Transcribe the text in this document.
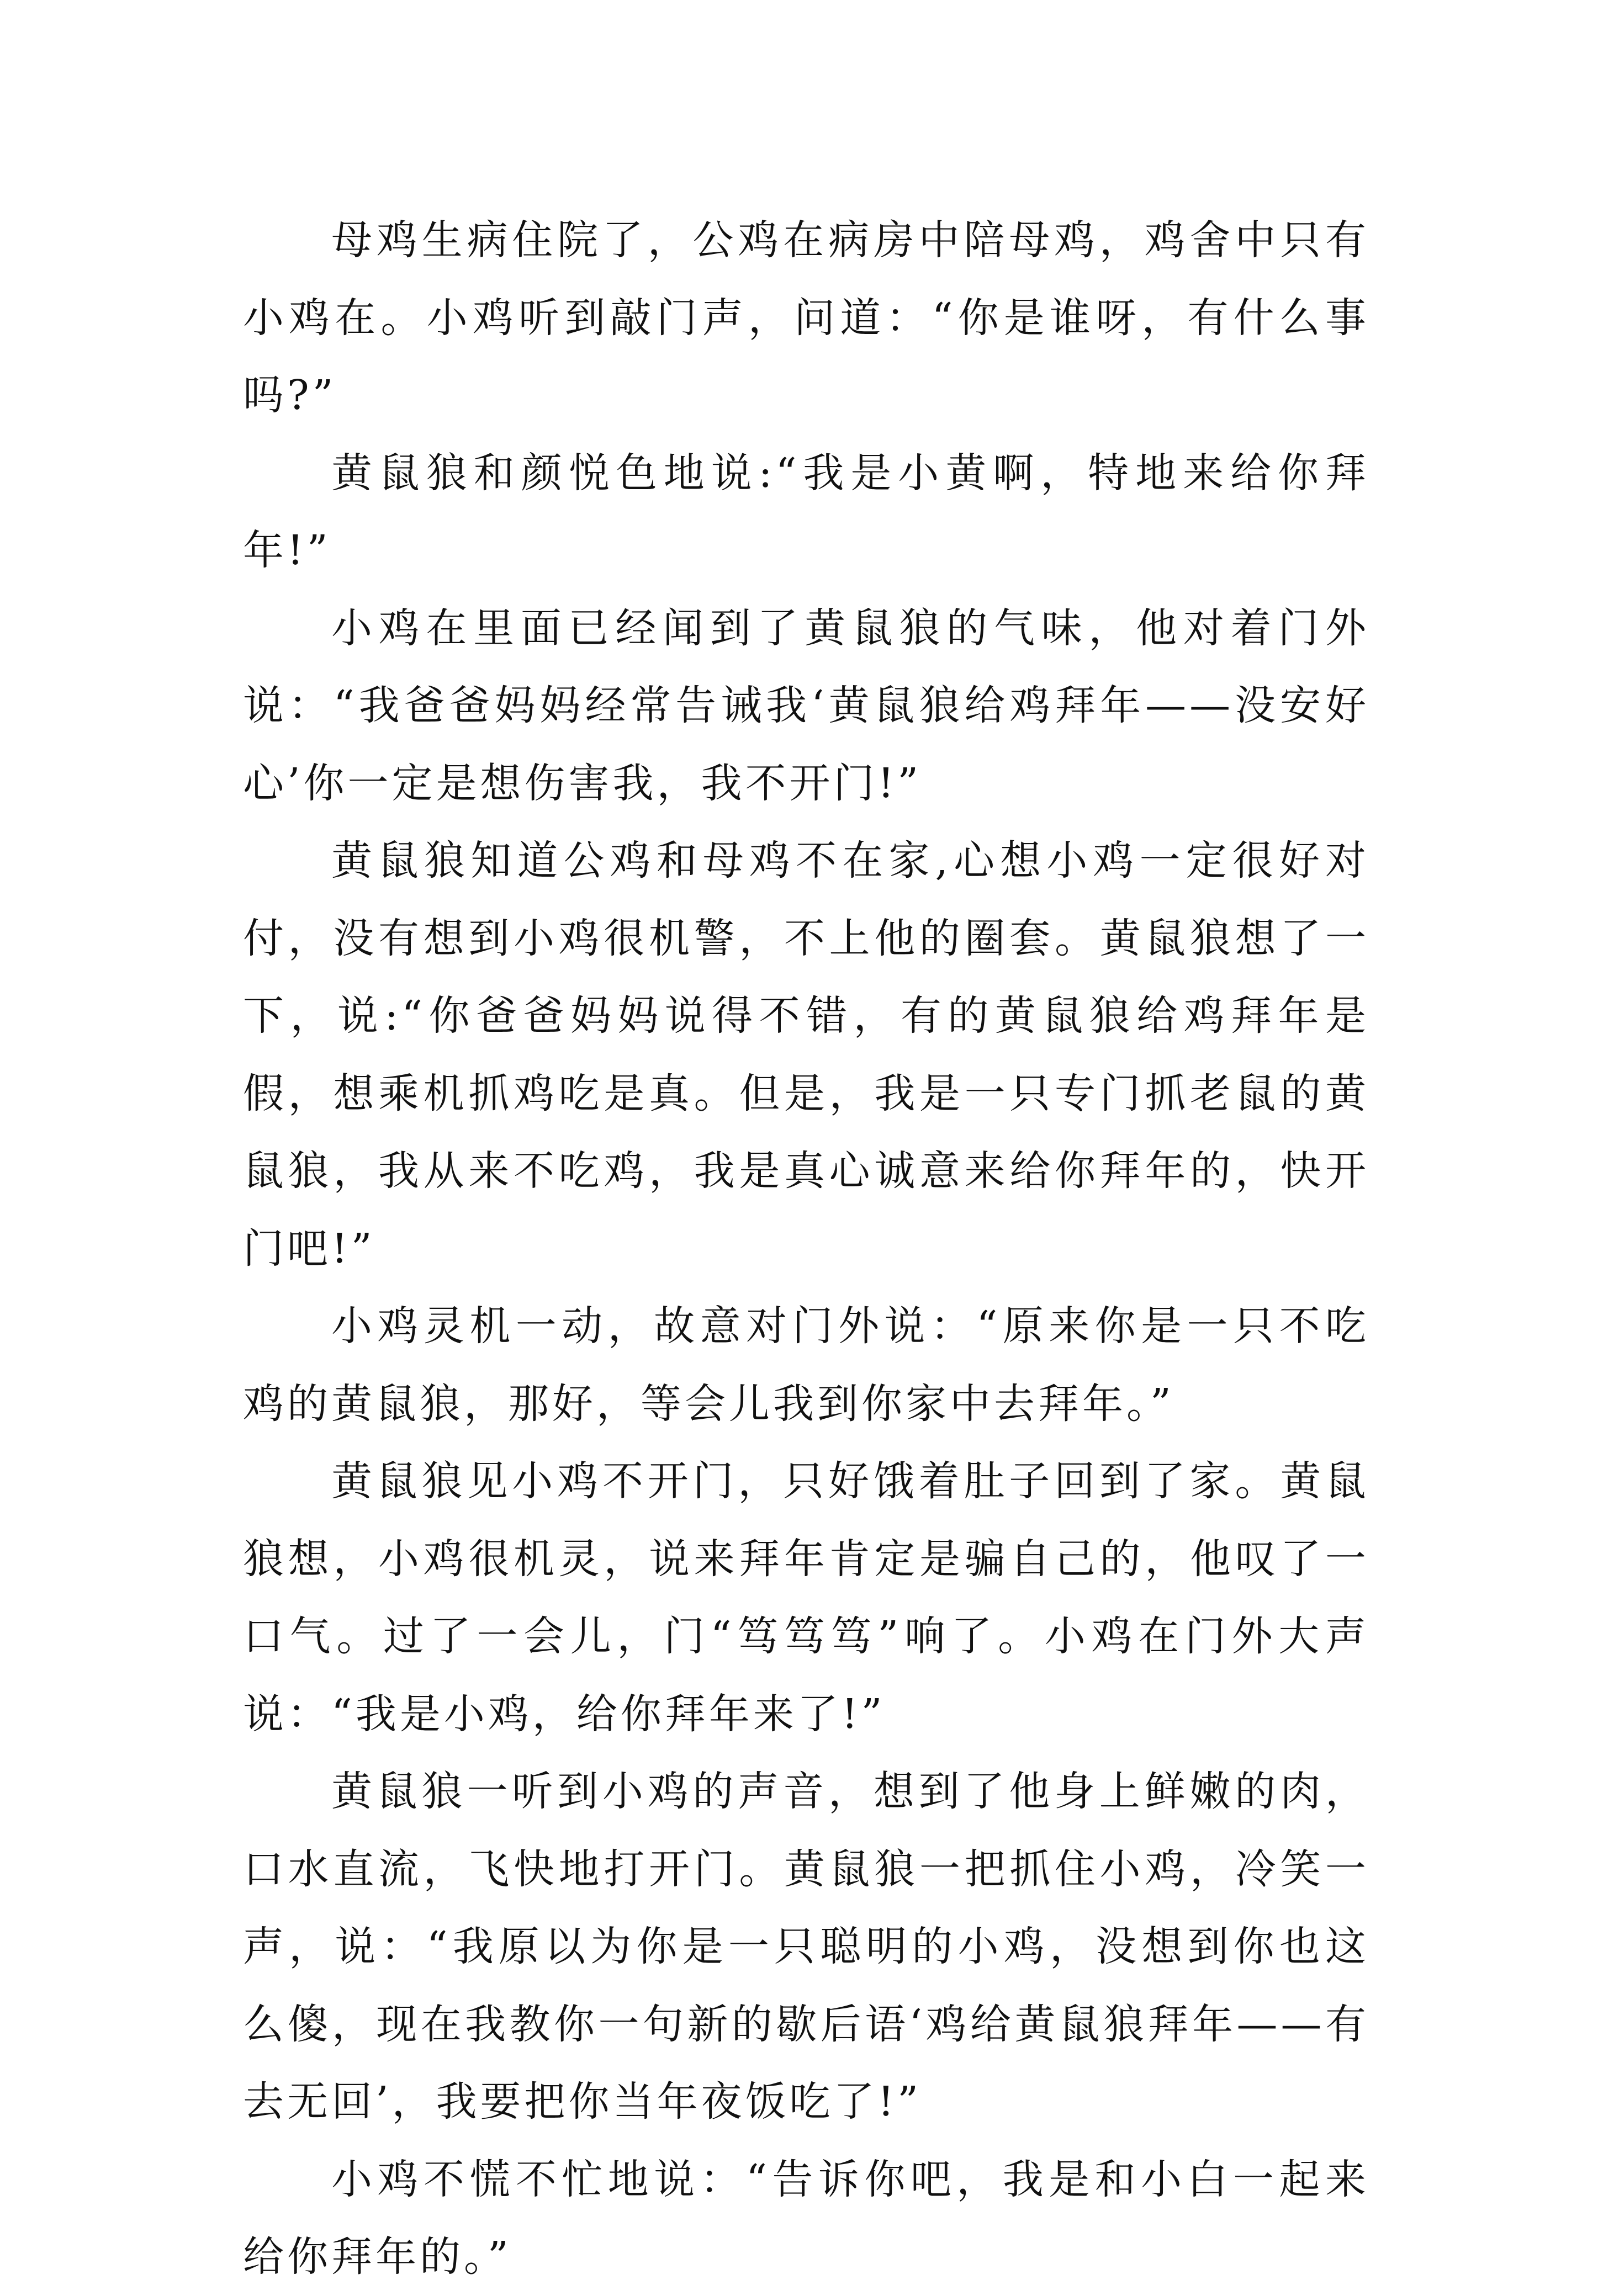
母鸡生病住院了，公鸡在病房中陪母鸡，鸡舍中只有小鸡在。小鸡听到敲门声，问道：“你是谁呀，有什么事吗?”

黄鼠狼和颜悦色地说:“我是小黄啊，特地来给你拜年!”

小鸡在里面已经闻到了黄鼠狼的气味，他对着门外说：“我爸爸妈妈经常告诫我‘黄鼠狼给鸡拜年——没安好心’你一定是想伤害我，我不开门!”

黄鼠狼知道公鸡和母鸡不在家,心想小鸡一定很好对付，没有想到小鸡很机警，不上他的圈套。黄鼠狼想了一下，说:“你爸爸妈妈说得不错，有的黄鼠狼给鸡拜年是假，想乘机抓鸡吃是真。但是，我是一只专门抓老鼠的黄鼠狼，我从来不吃鸡，我是真心诚意来给你拜年的，快开门吧!”

小鸡灵机一动，故意对门外说：“原来你是一只不吃鸡的黄鼠狼，那好，等会儿我到你家中去拜年。”

黄鼠狼见小鸡不开门，只好饿着肚子回到了家。黄鼠狼想，小鸡很机灵，说来拜年肯定是骗自己的，他叹了一口气。过了一会儿，门“笃笃笃”响了。小鸡在门外大声说：“我是小鸡，给你拜年来了!”

黄鼠狼一听到小鸡的声音，想到了他身上鲜嫩的肉，口水直流，飞快地打开门。黄鼠狼一把抓住小鸡，冷笑一声，说：“我原以为你是一只聪明的小鸡，没想到你也这么傻，现在我教你一句新的歇后语‘鸡给黄鼠狼拜年——有去无回’，我要把你当年夜饭吃了!”

小鸡不慌不忙地说：“告诉你吧，我是和小白一起来给你拜年的。”
